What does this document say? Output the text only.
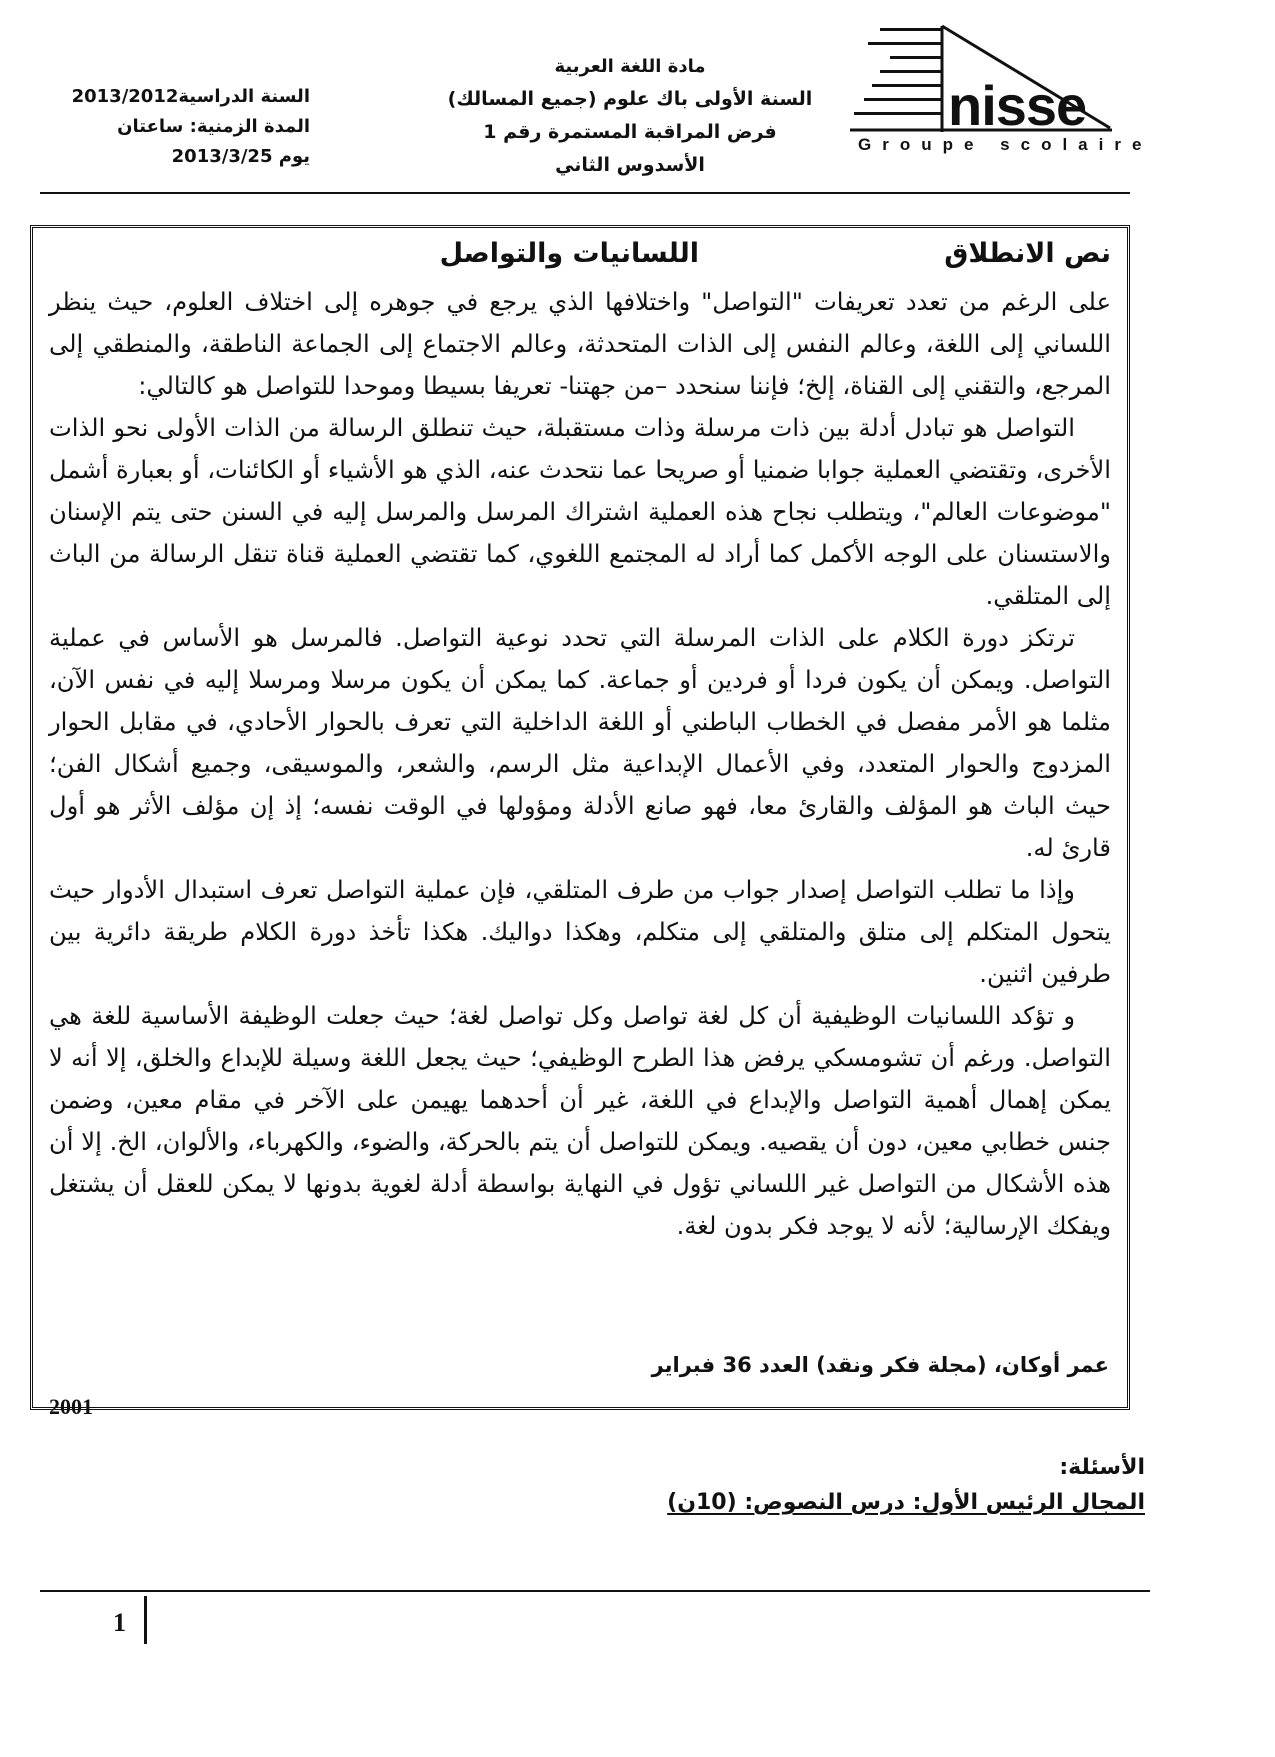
nisse
Groupe scolaire
مادة اللغة العربية
السنة الأولى باك علوم (جميع المسالك)
فرض المراقبة المستمرة رقم 1
الأسدوس الثاني
السنة الدراسية2013/2012
المدة الزمنية: ساعتان
يوم 2013/3/25
نص الانطلاق
اللسانيات والتواصل

على الرغم من تعدد تعريفات "التواصل" واختلافها الذي يرجع في جوهره إلى اختلاف العلوم، حيث ينظر اللساني إلى اللغة، وعالم النفس إلى الذات المتحدثة، وعالم الاجتماع إلى الجماعة الناطقة، والمنطقي إلى المرجع، والتقني إلى القناة، إلخ؛ فإننا سنحدد –من جهتنا- تعريفا بسيطا وموحدا للتواصل هو كالتالي:

التواصل هو تبادل أدلة بين ذات مرسلة وذات مستقبلة، حيث تنطلق الرسالة من الذات الأولى نحو الذات الأخرى، وتقتضي العملية جوابا ضمنيا أو صريحا عما نتحدث عنه، الذي هو الأشياء أو الكائنات، أو بعبارة أشمل "موضوعات العالم"، ويتطلب نجاح هذه العملية اشتراك المرسل والمرسل إليه في السنن حتى يتم الإسنان والاستسنان على الوجه الأكمل كما أراد له المجتمع اللغوي، كما تقتضي العملية قناة تنقل الرسالة من الباث إلى المتلقي.

ترتكز دورة الكلام على الذات المرسلة التي تحدد نوعية التواصل. فالمرسل هو الأساس في عملية التواصل. ويمكن أن يكون فردا أو فردين أو جماعة. كما يمكن أن يكون مرسلا ومرسلا إليه في نفس الآن، مثلما هو الأمر مفصل في الخطاب الباطني أو اللغة الداخلية التي تعرف بالحوار الأحادي، في مقابل الحوار المزدوج والحوار المتعدد، وفي الأعمال الإبداعية مثل الرسم، والشعر، والموسيقى، وجميع أشكال الفن؛ حيث الباث هو المؤلف والقارئ معا، فهو صانع الأدلة ومؤولها في الوقت نفسه؛ إذ إن مؤلف الأثر هو أول قارئ له.

وإذا ما تطلب التواصل إصدار جواب من طرف المتلقي، فإن عملية التواصل تعرف استبدال الأدوار حيث يتحول المتكلم إلى متلق والمتلقي إلى متكلم، وهكذا دواليك. هكذا تأخذ دورة الكلام طريقة دائرية بين طرفين اثنين.

و تؤكد اللسانيات الوظيفية أن كل لغة تواصل وكل تواصل لغة؛ حيث جعلت الوظيفة الأساسية للغة هي التواصل. ورغم أن تشومسكي يرفض هذا الطرح الوظيفي؛ حيث يجعل اللغة وسيلة للإبداع والخلق، إلا أنه لا يمكن إهمال أهمية التواصل والإبداع في اللغة، غير أن أحدهما يهيمن على الآخر في مقام معين، وضمن جنس خطابي معين، دون أن يقصيه. ويمكن للتواصل أن يتم بالحركة، والضوء، والكهرباء، والألوان، الخ. إلا أن هذه الأشكال من التواصل غير اللساني تؤول في النهاية بواسطة أدلة لغوية بدونها لا يمكن للعقل أن يشتغل ويفكك الإرسالية؛ لأنه لا يوجد فكر بدون لغة.

عمر أوكان، (مجلة فكر ونقد) العدد 36 فبراير
2001
الأسئلة:
المجال الرئيس الأول: درس النصوص: (10ن)
1
